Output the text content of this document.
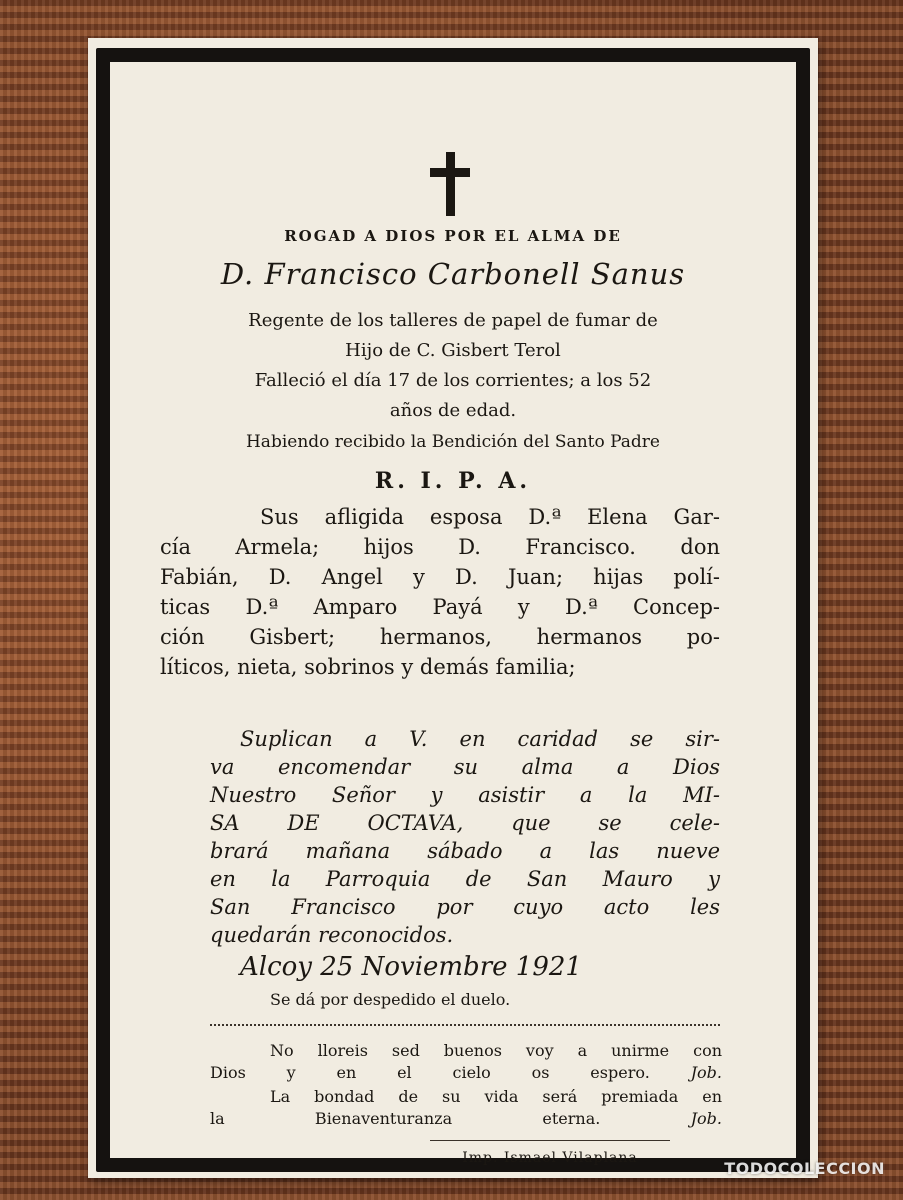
ROGAD A DIOS POR EL ALMA DE
D. Francisco Carbonell Sanus
Regente de los talleres de papel de fumar de
Hijo de C. Gisbert Terol
Falleció el día 17 de los corrientes; a los 52
años de edad.
Habiendo recibido la Bendición del Santo Padre
R. I. P. A.
Sus afligida esposa D.ª Elena Gar-
cía Armela; hijos D. Francisco. don
Fabián, D. Angel y D. Juan; hijas polí-
ticas D.ª Amparo Payá y D.ª Concep-
ción Gisbert; hermanos, hermanos po-
líticos, nieta, sobrinos y demás familia;
Suplican a V. en caridad se sir-
va encomendar su alma a Dios
Nuestro Señor y asistir a la MI-
SA DE OCTAVA, que se cele-
brará mañana sábado a las nueve
en la Parroquia de San Mauro y
San Francisco por cuyo acto les
quedarán reconocidos.
Alcoy 25 Noviembre 1921
Se dá por despedido el duelo.
No lloreis sed buenos voy a unirme con
Dios y en el cielo os espero.	Job.
La bondad de su vida será premiada en
la Bienaventuranza eterna.	Job.
Imp. Ismael Vilaplana
TODOCOLECCION
